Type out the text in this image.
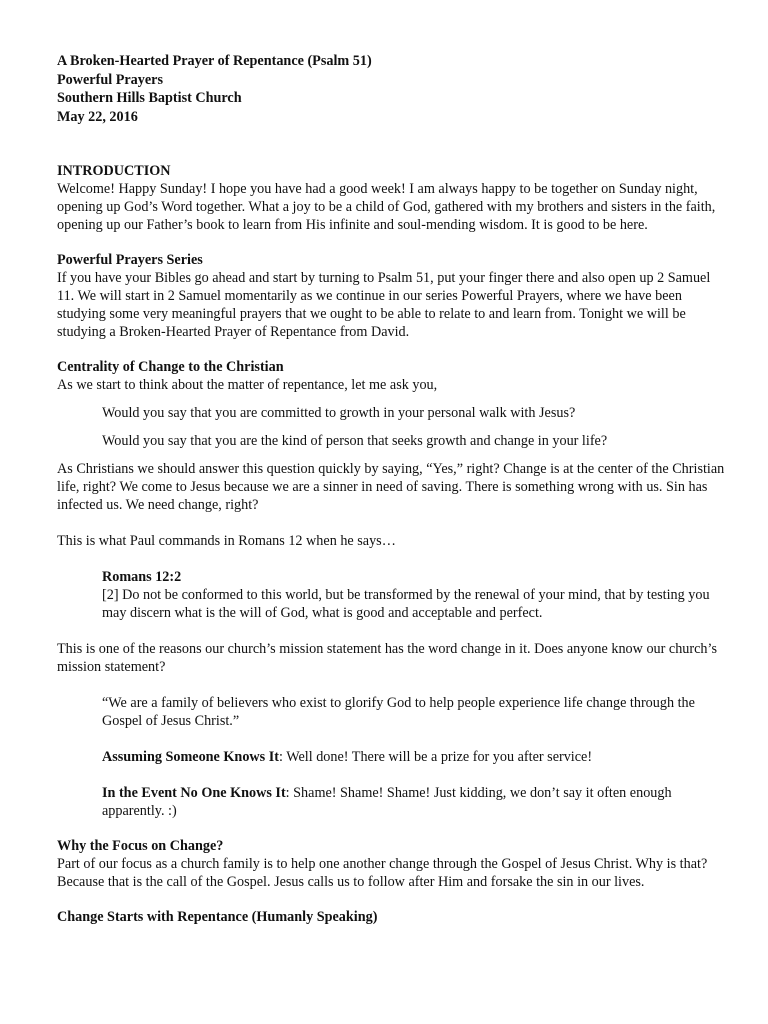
A Broken-Hearted Prayer of Repentance (Psalm 51)
Powerful Prayers
Southern Hills Baptist Church
May 22, 2016
INTRODUCTION

Welcome! Happy Sunday! I hope you have had a good week! I am always happy to be together on Sunday night, opening up God’s Word together. What a joy to be a child of God, gathered with my brothers and sisters in the faith, opening up our Father’s book to learn from His infinite and soul-mending wisdom. It is good to be here.

Powerful Prayers Series

If you have your Bibles go ahead and start by turning to Psalm 51, put your finger there and also open up 2 Samuel 11. We will start in 2 Samuel momentarily as we continue in our series Powerful Prayers, where we have been studying some very meaningful prayers that we ought to be able to relate to and learn from. Tonight we will be studying a Broken-Hearted Prayer of Repentance from David.

Centrality of Change to the Christian

As we start to think about the matter of repentance, let me ask you,

Would you say that you are committed to growth in your personal walk with Jesus?

Would you say that you are the kind of person that seeks growth and change in your life?

As Christians we should answer this question quickly by saying, “Yes,” right? Change is at the center of the Christian life, right? We come to Jesus because we are a sinner in need of saving. There is something wrong with us. Sin has infected us. We need change, right?

This is what Paul commands in Romans 12 when he says…

Romans 12:2

[2] Do not be conformed to this world, but be transformed by the renewal of your mind, that by testing you may discern what is the will of God, what is good and acceptable and perfect.

This is one of the reasons our church’s mission statement has the word change in it. Does anyone know our church’s mission statement?

“We are a family of believers who exist to glorify God to help people experience life change through the Gospel of Jesus Christ.”

Assuming Someone Knows It: Well done! There will be a prize for you after service!

In the Event No One Knows It: Shame! Shame! Shame! Just kidding, we don’t say it often enough apparently. :)

Why the Focus on Change?

Part of our focus as a church family is to help one another change through the Gospel of Jesus Christ. Why is that? Because that is the call of the Gospel. Jesus calls us to follow after Him and forsake the sin in our lives.

Change Starts with Repentance (Humanly Speaking)
